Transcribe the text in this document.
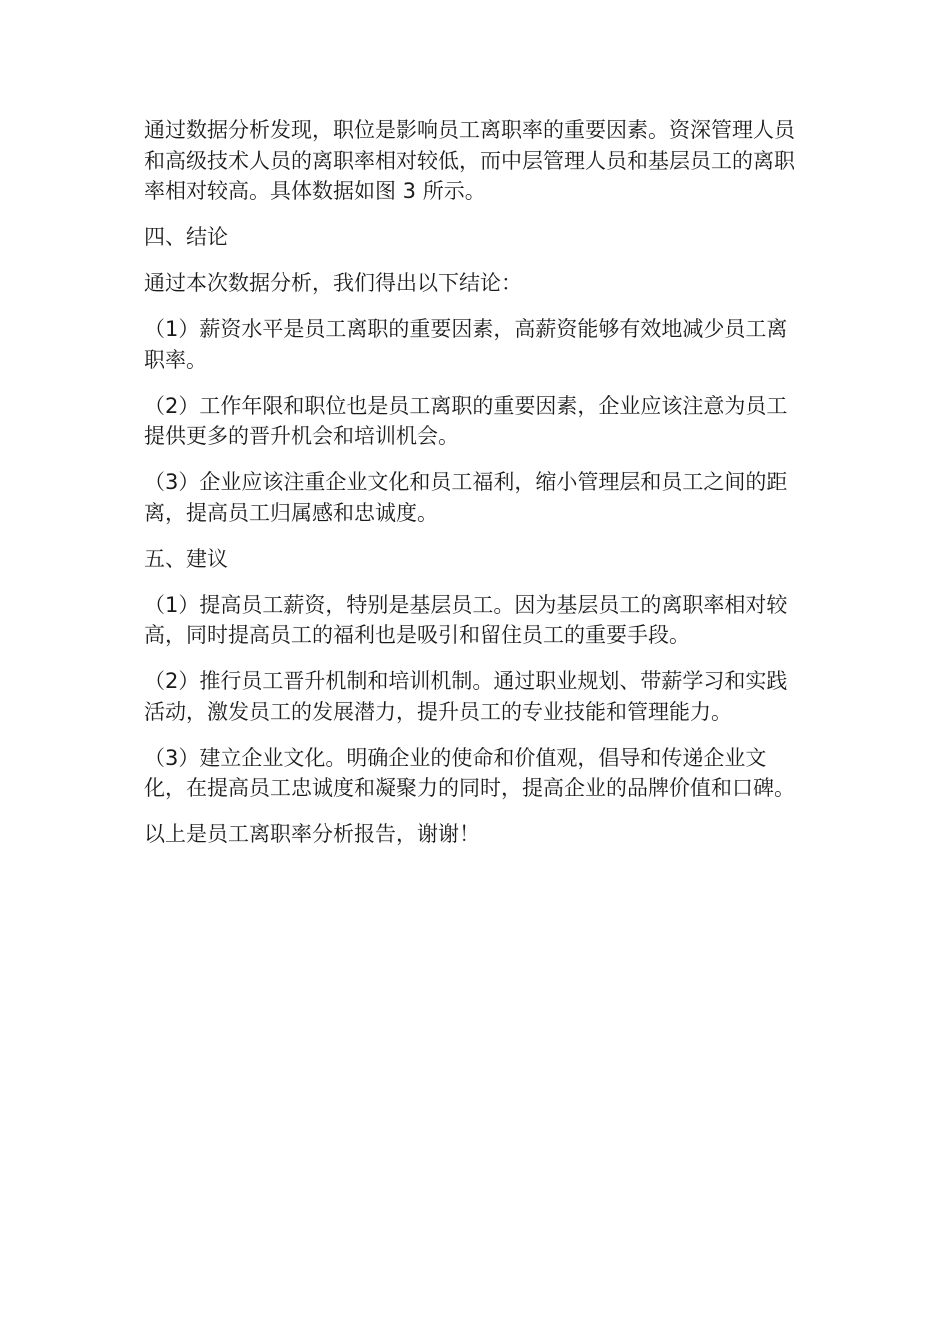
通过数据分析发现，职位是影响员工离职率的重要因素。资深管理人员和高级技术人员的离职率相对较低，而中层管理人员和基层员工的离职率相对较高。具体数据如图 3 所示。

四、结论

通过本次数据分析，我们得出以下结论：

（1）薪资水平是员工离职的重要因素，高薪资能够有效地减少员工离职率。

（2）工作年限和职位也是员工离职的重要因素，企业应该注意为员工提供更多的晋升机会和培训机会。

（3）企业应该注重企业文化和员工福利，缩小管理层和员工之间的距离，提高员工归属感和忠诚度。

五、建议

（1）提高员工薪资，特别是基层员工。因为基层员工的离职率相对较高，同时提高员工的福利也是吸引和留住员工的重要手段。

（2）推行员工晋升机制和培训机制。通过职业规划、带薪学习和实践活动，激发员工的发展潜力，提升员工的专业技能和管理能力。

（3）建立企业文化。明确企业的使命和价值观，倡导和传递企业文化，在提高员工忠诚度和凝聚力的同时，提高企业的品牌价值和口碑。

以上是员工离职率分析报告，谢谢！
